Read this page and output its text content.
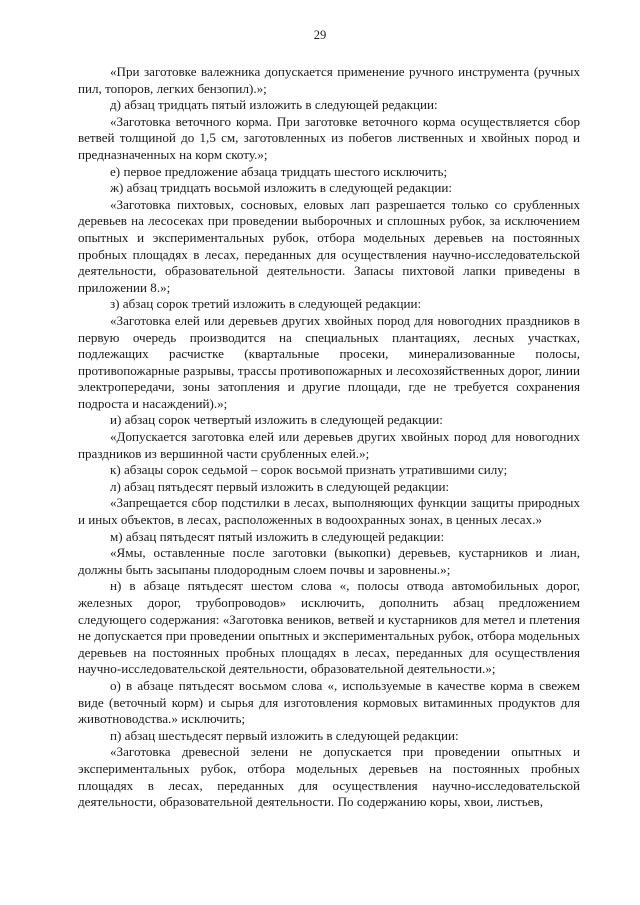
29

«При заготовке валежника допускается применение ручного инструмента (ручных пил, топоров, легких бензопил).»;

д) абзац тридцать пятый изложить в следующей редакции:

«Заготовка веточного корма. При заготовке веточного корма осуществляется сбор ветвей толщиной до 1,5 см, заготовленных из побегов лиственных и хвойных пород и предназначенных на корм скоту.»;

е) первое предложение абзаца тридцать шестого исключить;

ж) абзац тридцать восьмой изложить в следующей редакции:

«Заготовка пихтовых, сосновых, еловых лап разрешается только со срубленных деревьев на лесосеках при проведении выборочных и сплошных рубок, за исключением опытных и экспериментальных рубок, отбора модельных деревьев на постоянных пробных площадях в лесах, переданных для осуществления научно-исследовательской деятельности, образовательной деятельности. Запасы пихтовой лапки приведены в приложении 8.»;

з) абзац сорок третий изложить в следующей редакции:

«Заготовка елей или деревьев других хвойных пород для новогодних праздников в первую очередь производится на специальных плантациях, лесных участках, подлежащих расчистке (квартальные просеки, минерализованные полосы, противопожарные разрывы, трассы противопожарных и лесохозяйственных дорог, линии электропередачи, зоны затопления и другие площади, где не требуется сохранения подроста и насаждений).»;

и) абзац сорок четвертый изложить в следующей редакции:

«Допускается заготовка елей или деревьев других хвойных пород для новогодних праздников из вершинной части срубленных елей.»;

к) абзацы сорок седьмой – сорок восьмой признать утратившими силу;

л) абзац пятьдесят первый изложить в следующей редакции:

«Запрещается сбор подстилки в лесах, выполняющих функции защиты природных и иных объектов, в лесах, расположенных в водоохранных зонах, в ценных лесах.»

м) абзац пятьдесят пятый изложить в следующей редакции:

«Ямы, оставленные после заготовки (выкопки) деревьев, кустарников и лиан, должны быть засыпаны плодородным слоем почвы и заровнены.»;

н) в абзаце пятьдесят шестом слова «, полосы отвода автомобильных дорог, железных дорог, трубопроводов» исключить, дополнить абзац предложением следующего содержания: «Заготовка веников, ветвей и кустарников для метел и плетения не допускается при проведении опытных и экспериментальных рубок, отбора модельных деревьев на постоянных пробных площадях в лесах, переданных для осуществления научно-исследовательской деятельности, образовательной деятельности.»;

о) в абзаце пятьдесят восьмом слова «, используемые в качестве корма в свежем виде (веточный корм) и сырья для изготовления кормовых витаминных продуктов для животноводства.» исключить;

п) абзац шестьдесят первый изложить в следующей редакции:

«Заготовка древесной зелени не допускается при проведении опытных и экспериментальных рубок, отбора модельных деревьев на постоянных пробных площадях в лесах, переданных для осуществления научно-исследовательской деятельности, образовательной деятельности. По содержанию коры, хвои, листьев,
